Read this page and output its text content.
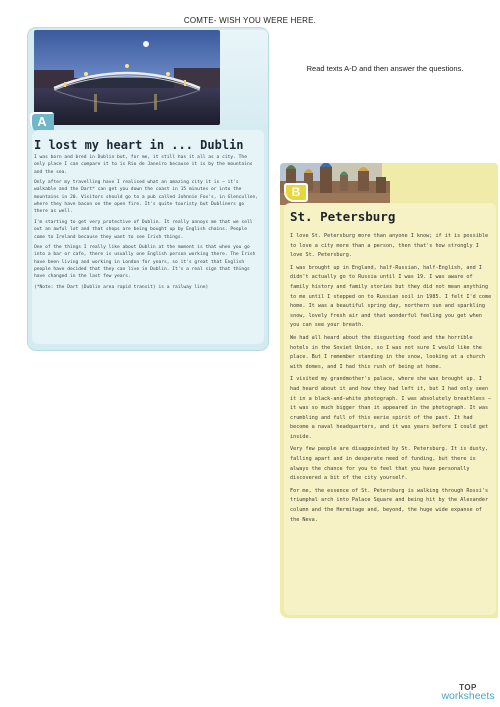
COMTE- WISH YOU WERE HERE.
Read texts A-D and then answer the questions.
A
I lost my heart in ... Dublin

I was born and bred in Dublin but, for me, it still has it all as a city. The only place I can compare it to is Rio de Janeiro because it is by the mountains and the sea.

Only after my travelling have I realised what an amazing city it is – it's walkable and the Dart* can get you down the coast in 15 minutes or into the mountains in 20. Visitors should go to a pub called Johnnie Fox's, in Glencullen, where they have bacon on the open fire. It's quite touristy but Dubliners go there as well.

I'm starting to get very protective of Dublin. It really annoys me that we sell out an awful lot and that shops are being bought up by English chains. People come to Ireland because they want to see Irish things.

One of the things I really like about Dublin at the moment is that when you go into a bar or cafe, there is usually one English person working there. The Irish have been living and working in London for years, so it's great that English people have decided that they can live in Dublin. It's a real sign that things have changed in the last few years.

(*Note: the Dart (Dublin area rapid transit) is a railway line)

B
St. Petersburg

I love St. Petersburg more than anyone I know; if it is possible to love a city more than a person, then that's how strongly I love St. Petersburg.

I was brought up in England, half-Russian, half-English, and I didn't actually go to Russia until I was 19. I was aware of family history and family stories but they did not mean anything to me until I stepped on to Russian soil in 1985. I felt I'd come home. It was a beautiful spring day, northern sun and sparkling snow, lovely fresh air and that wonderful feeling you get when you can see your breath.

We had all heard about the disgusting food and the horrible hotels in the Soviet Union, so I was not sure I would like the place. But I remember standing in the snow, looking at a church with domes, and I had this rush of being at home.

I visited my grandmother's palace, where she was brought up. I had heard about it and how they had left it, but I had only seen it in a black-and-white photograph. I was absolutely breathless – it was so much bigger than it appeared in the photograph. It was crumbling and full of this eerie spirit of the past. It had become a naval headquarters, and it was years before I could get inside.

Very few people are disappointed by St. Petersburg. It is dusty, falling apart and in desperate need of funding, but there is always the chance for you to feel that you have personally discovered a bit of the city yourself.

For me, the essence of St. Petersburg is walking through Rossi's triumphal arch into Palace Square and being hit by the Alexander column and the Hermitage and, beyond, the huge wide expanse of the Neva.

TOP
worksheets
